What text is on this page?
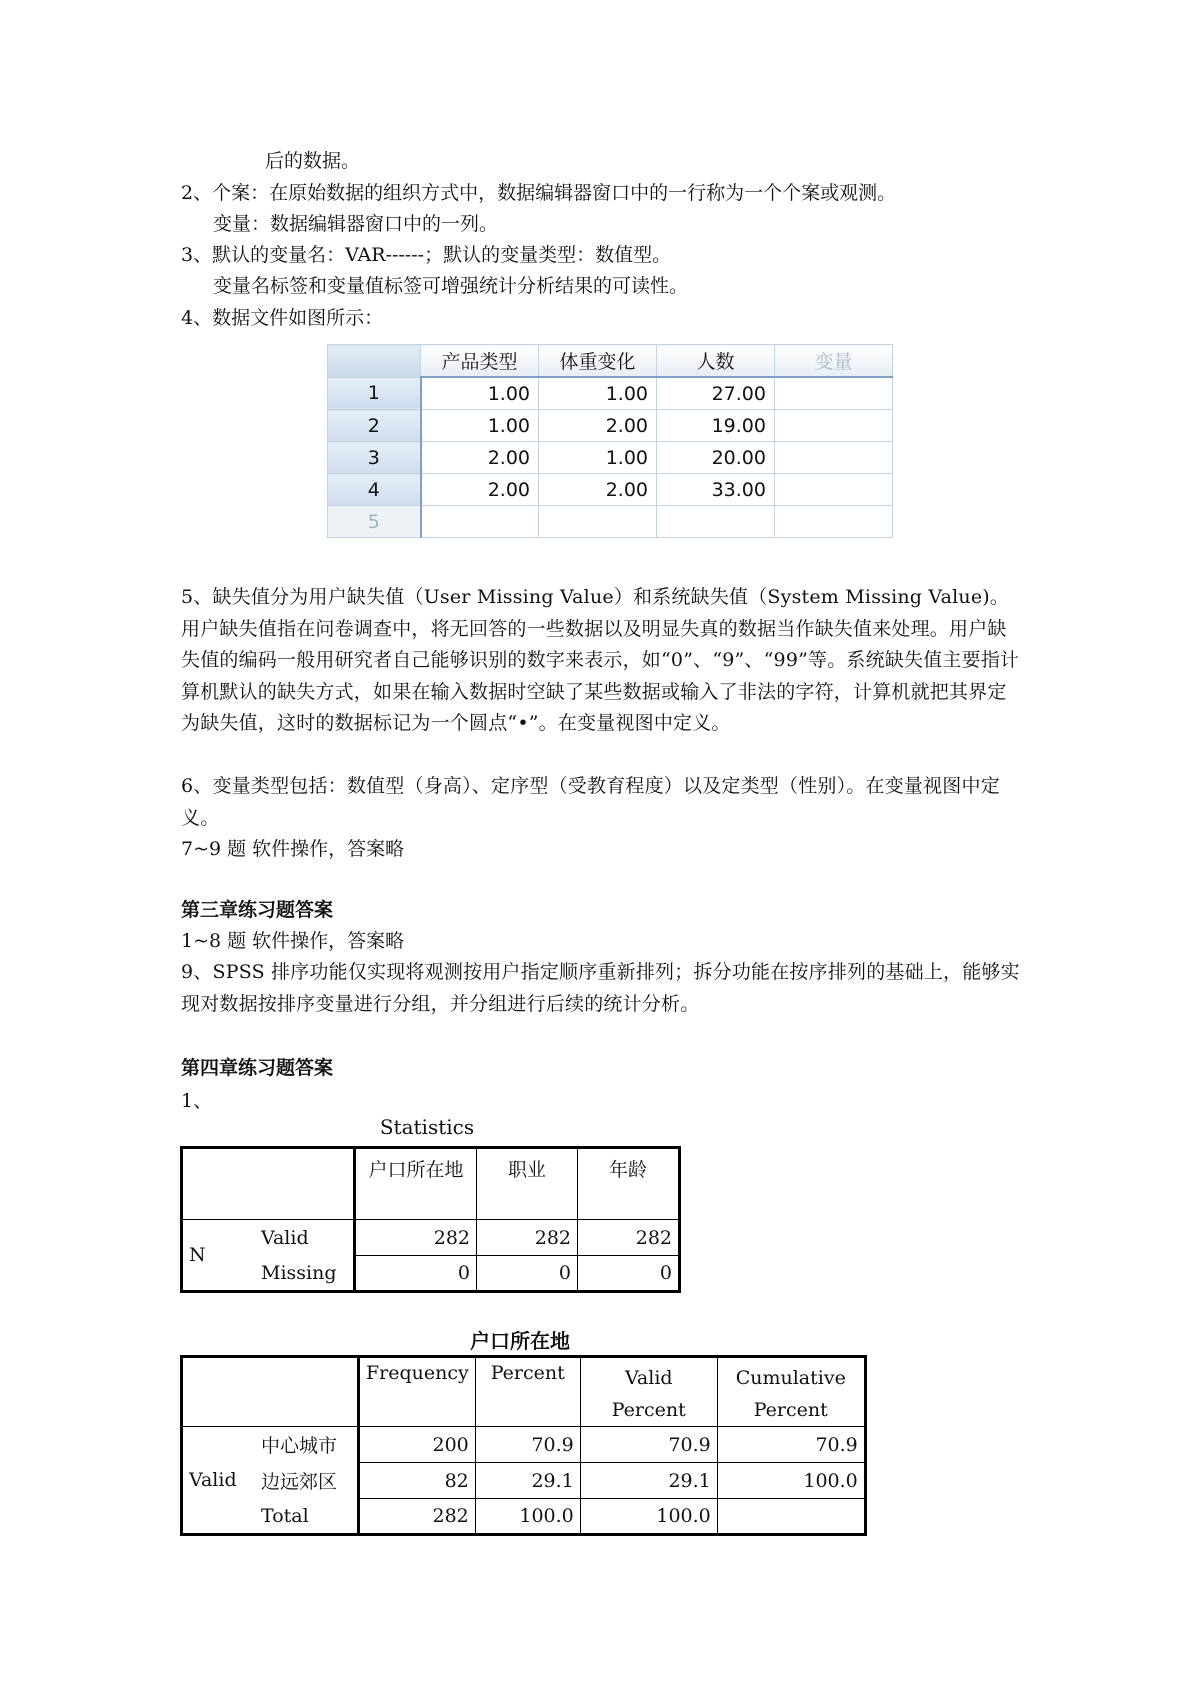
后的数据。
2、个案：在原始数据的组织方式中，数据编辑器窗口中的一行称为一个个案或观测。
变量：数据编辑器窗口中的一列。
3、默认的变量名：VAR------；默认的变量类型：数值型。
变量名标签和变量值标签可增强统计分析结果的可读性。
4、数据文件如图所示：
	产品类型	体重变化	人数	变量
1	1.00	1.00	27.00	
2	1.00	2.00	19.00	
3	2.00	1.00	20.00	
4	2.00	2.00	33.00	
5				
5、缺失值分为用户缺失值（User Missing Value）和系统缺失值（System Missing Value)。用户缺失值指在问卷调查中，将无回答的一些数据以及明显失真的数据当作缺失值来处理。用户缺失值的编码一般用研究者自己能够识别的数字来表示，如“0”、“9”、“99”等。系统缺失值主要指计算机默认的缺失方式，如果在输入数据时空缺了某些数据或输入了非法的字符，计算机就把其界定为缺失值，这时的数据标记为一个圆点“•”。在变量视图中定义。
6、变量类型包括：数值型（身高）、定序型（受教育程度）以及定类型（性别）。在变量视图中定义。
7~9 题 软件操作，答案略
第三章练习题答案
1~8 题 软件操作，答案略
9、SPSS 排序功能仅实现将观测按用户指定顺序重新排列；拆分功能在按序排列的基础上，能够实现对数据按排序变量进行分组，并分组进行后续的统计分析。
第四章练习题答案
1、
Statistics
		户口所在地	职业	年龄
N	Valid	282	282	282
	Missing	0	0	0
户口所在地
		Frequency	Percent	Valid Percent	Cumulative Percent
Valid	中心城市	200	70.9	70.9	70.9
	边远郊区	82	29.1	29.1	100.0
	Total	282	100.0	100.0	
